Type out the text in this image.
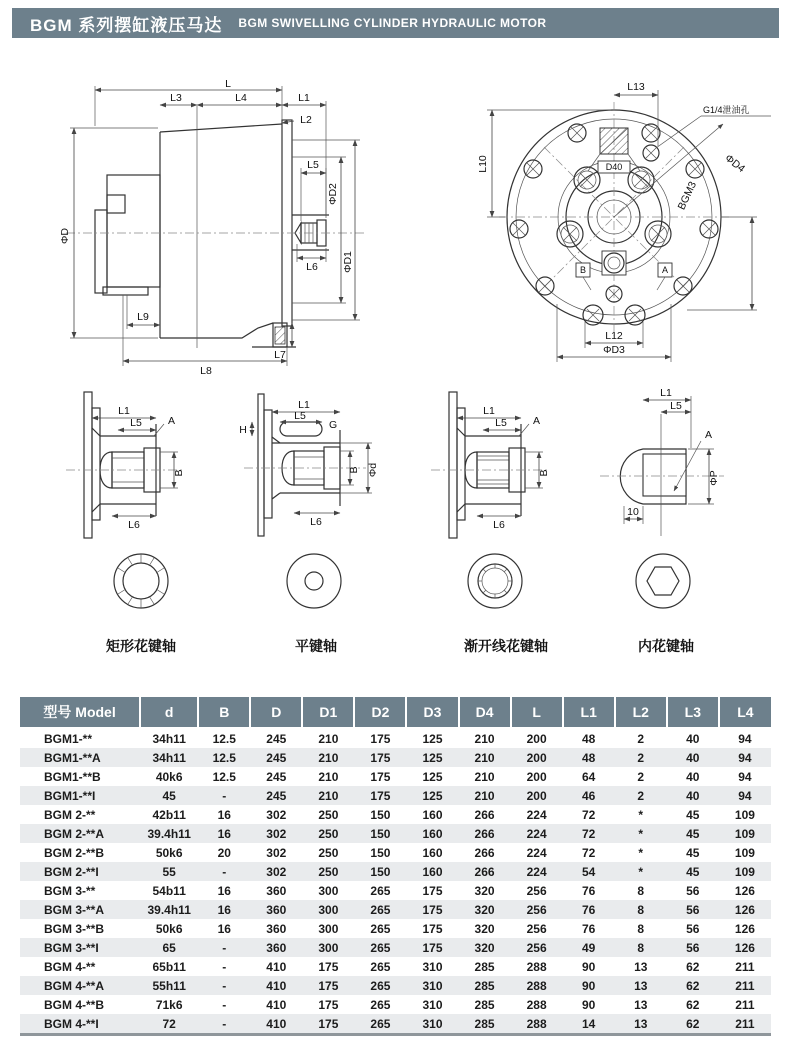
BGM 系列摆缸液压马达 BGM SWIVELLING CYLINDER HYDRAULIC MOTOR
L
L3	L4	L1
L2
ΦD
L5
L6
ΦD2
ΦD1
L9
L8
L7
G1/4泄油孔
D40
B	A
L13
L10	ΦD4
BGM3
L12
ΦD3
L1
L5 A
B
L6
L1
L5
G
H
B Φd
L6
L1
L5 A
B
L6
L1
L5
A
ΦP
10
矩形花键轴	平键轴	渐开线花键轴	内花键轴
型号 Model	d	B	D	D1	D2	D3	D4	L	L1	L2	L3	L4
BGM1-**	34h11	12.5	245	210	175	125	210	200	48	2	40	94
BGM1-**A	34h11	12.5	245	210	175	125	210	200	48	2	40	94
BGM1-**B	40k6	12.5	245	210	175	125	210	200	64	2	40	94
BGM1-**I	45	-	245	210	175	125	210	200	46	2	40	94
BGM 2-**	42b11	16	302	250	150	160	266	224	72	*	45	109
BGM 2-**A	39.4h11	16	302	250	150	160	266	224	72	*	45	109
BGM 2-**B	50k6	20	302	250	150	160	266	224	72	*	45	109
BGM 2-**I	55	-	302	250	150	160	266	224	54	*	45	109
BGM 3-**	54b11	16	360	300	265	175	320	256	76	8	56	126
BGM 3-**A	39.4h11	16	360	300	265	175	320	256	76	8	56	126
BGM 3-**B	50k6	16	360	300	265	175	320	256	76	8	56	126
BGM 3-**I	65	-	360	300	265	175	320	256	49	8	56	126
BGM 4-**	65b11	-	410	175	265	310	285	288	90	13	62	211
BGM 4-**A	55h11	-	410	175	265	310	285	288	90	13	62	211
BGM 4-**B	71k6	-	410	175	265	310	285	288	90	13	62	211
BGM 4-**I	72	-	410	175	265	310	285	288	14	13	62	211
